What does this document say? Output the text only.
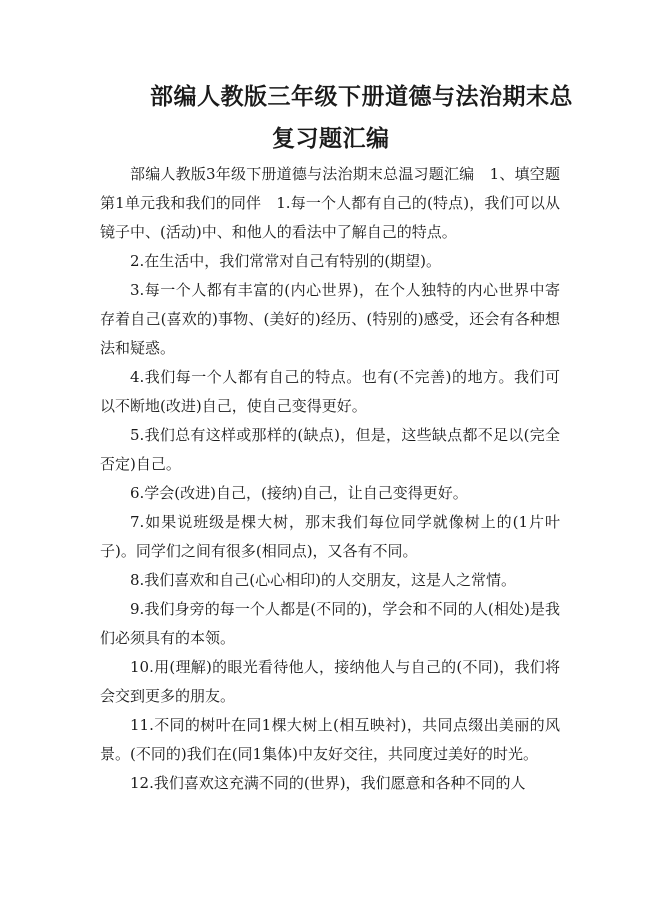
部编人教版三年级下册道德与法治期末总
复习题汇编

部编人教版3年级下册道德与法治期末总温习题汇编　1、填空题　第1单元我和我们的同伴　1.每一个人都有自己的(特点)，我们可以从镜子中、(活动)中、和他人的看法中了解自己的特点。

2.在生活中，我们常常对自己有特别的(期望)。

3.每一个人都有丰富的(内心世界)，在个人独特的内心世界中寄存着自己(喜欢的)事物、(美好的)经历、(特别的)感受，还会有各种想法和疑惑。

4.我们每一个人都有自己的特点。也有(不完善)的地方。我们可以不断地(改进)自己，使自己变得更好。

5.我们总有这样或那样的(缺点)，但是，这些缺点都不足以(完全否定)自己。

6.学会(改进)自己，(接纳)自己，让自己变得更好。

7.如果说班级是棵大树，那末我们每位同学就像树上的(1片叶子)。同学们之间有很多(相同点)，又各有不同。

8.我们喜欢和自己(心心相印)的人交朋友，这是人之常情。

9.我们身旁的每一个人都是(不同的)，学会和不同的人(相处)是我们必须具有的本领。

10.用(理解)的眼光看待他人，接纳他人与自己的(不同)，我们将会交到更多的朋友。

11.不同的树叶在同1棵大树上(相互映衬)，共同点缀出美丽的风景。(不同的)我们在(同1集体)中友好交往，共同度过美好的时光。

12.我们喜欢这充满不同的(世界)，我们愿意和各种不同的人
